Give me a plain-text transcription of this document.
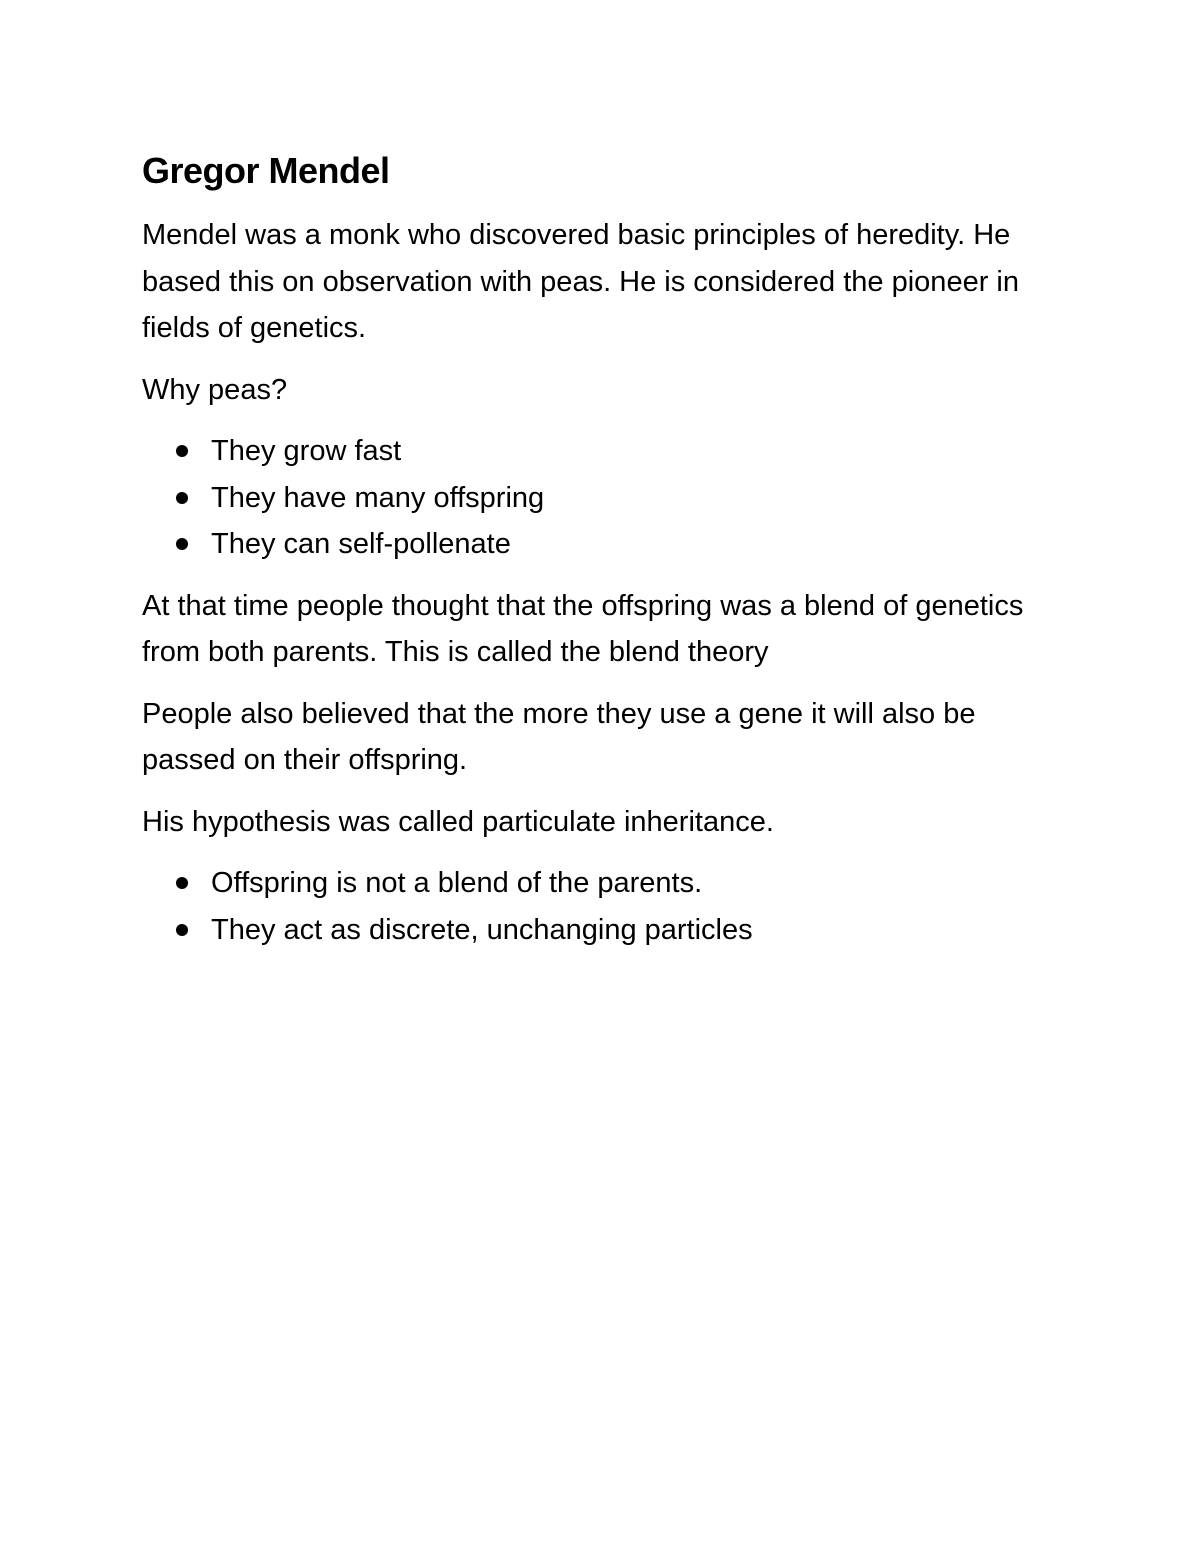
Gregor Mendel

Mendel was a monk who discovered basic principles of heredity. He based this on observation with peas. He is considered the pioneer in fields of genetics.

Why peas?

They grow fast
They have many offspring
They can self-pollenate

At that time people thought that the offspring was a blend of genetics from both parents. This is called the blend theory

People also believed that the more they use a gene it will also be passed on their offspring.

His hypothesis was called particulate inheritance.

Offspring is not a blend of the parents.
They act as discrete, unchanging particles
